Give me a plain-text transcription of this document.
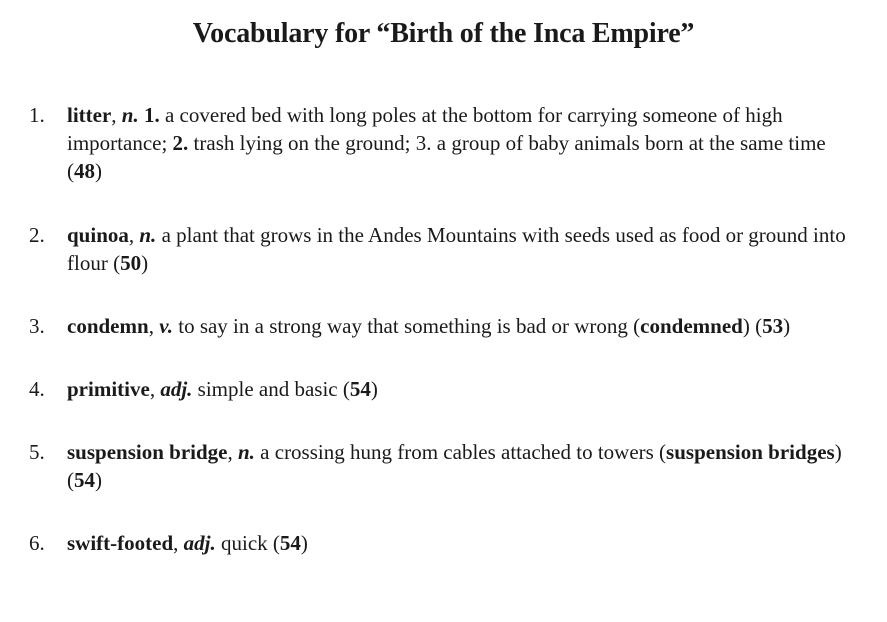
Vocabulary for “Birth of the Inca Empire”
1.	litter, n. 1. a covered bed with long poles at the bottom for carrying someone of high importance; 2. trash lying on the ground; 3. a group of baby animals born at the same time (48)
2.	quinoa, n. a plant that grows in the Andes Mountains with seeds used as food or ground into flour (50)
3.	condemn, v. to say in a strong way that something is bad or wrong (condemned) (53)
4.	primitive, adj. simple and basic (54)
5.	suspension bridge, n. a crossing hung from cables attached to towers (suspension bridges) (54)
6.	swift-footed, adj. quick (54)
